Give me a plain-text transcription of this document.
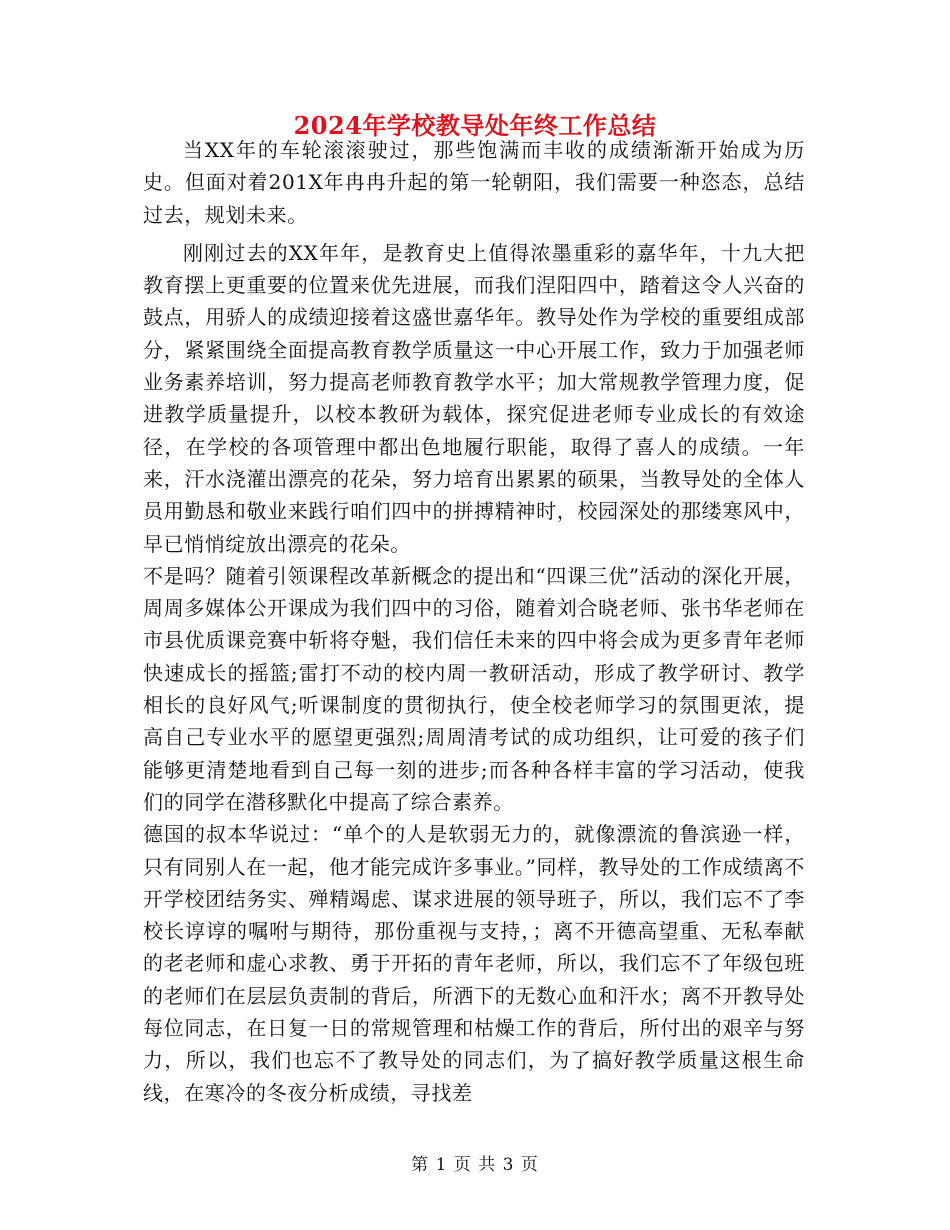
2024年学校教导处年终工作总结

当XX年的车轮滚滚驶过，那些饱满而丰收的成绩渐渐开始成为历史。但面对着201X年冉冉升起的第一轮朝阳，我们需要一种恣态，总结过去，规划未来。

刚刚过去的XX年年，是教育史上值得浓墨重彩的嘉华年，十九大把教育摆上更重要的位置来优先进展，而我们涅阳四中，踏着这令人兴奋的鼓点，用骄人的成绩迎接着这盛世嘉华年。教导处作为学校的重要组成部分，紧紧围绕全面提高教育教学质量这一中心开展工作，致力于加强老师业务素养培训，努力提高老师教育教学水平；加大常规教学管理力度，促进教学质量提升，以校本教研为载体，探究促进老师专业成长的有效途径，在学校的各项管理中都出色地履行职能，取得了喜人的成绩。一年来，汗水浇灌出漂亮的花朵，努力培育出累累的硕果，当教导处的全体人员用勤恳和敬业来践行咱们四中的拼搏精神时，校园深处的那缕寒风中，早已悄悄绽放出漂亮的花朵。

不是吗？随着引领课程改革新概念的提出和“四课三优”活动的深化开展，周周多媒体公开课成为我们四中的习俗，随着刘合晓老师、张书华老师在市县优质课竞赛中斩将夺魁，我们信任未来的四中将会成为更多青年老师快速成长的摇篮;雷打不动的校内周一教研活动，形成了教学研讨、教学相长的良好风气;听课制度的贯彻执行，使全校老师学习的氛围更浓，提高自己专业水平的愿望更强烈;周周清考试的成功组织，让可爱的孩子们能够更清楚地看到自己每一刻的进步;而各种各样丰富的学习活动，使我们的同学在潜移默化中提高了综合素养。

德国的叔本华说过：“单个的人是软弱无力的，就像漂流的鲁滨逊一样，只有同别人在一起，他才能完成许多事业。”同样，教导处的工作成绩离不开学校团结务实、殚精竭虑、谋求进展的领导班子，所以，我们忘不了李校长谆谆的嘱咐与期待，那份重视与支持，；离不开德高望重、无私奉献的老老师和虚心求教、勇于开拓的青年老师，所以，我们忘不了年级包班的老师们在层层负责制的背后，所洒下的无数心血和汗水；离不开教导处每位同志，在日复一日的常规管理和枯燥工作的背后，所付出的艰辛与努力，所以，我们也忘不了教导处的同志们，为了搞好教学质量这根生命线，在寒冷的冬夜分析成绩，寻找差

第 1 页 共 3 页
